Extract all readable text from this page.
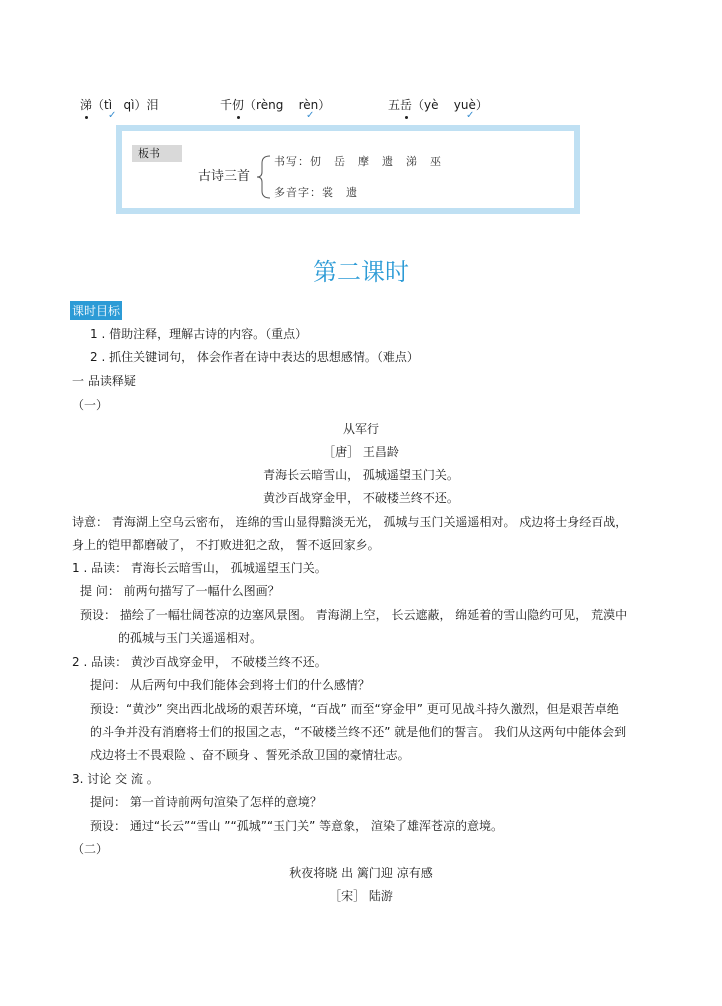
涕（tì qì）泪
✓
千仞（rèng rèn）
✓
五岳（yè yuè）
✓
板书
古诗三首
书写：仞　岳　摩　遗　涕　巫
多音字：裳　遗
第二课时
课时目标
1 . 借助注释，理解古诗的内容。（重点）
2 . 抓住关键词句， 体会作者在诗中表达的思想感情。（难点）
一 品读释疑
（一）
从军行
［唐］ 王昌龄
青海长云暗雪山， 孤城遥望玉门关。
黄沙百战穿金甲， 不破楼兰终不还。
诗意： 青海湖上空乌云密布， 连绵的雪山显得黯淡无光， 孤城与玉门关遥遥相对。 戍边将士身经百战，
身上的铠甲都磨破了， 不打败进犯之敌， 誓不返回家乡。
1 . 品读： 青海长云暗雪山， 孤城遥望玉门关。
提 问： 前两句描写了一幅什么图画？
预设： 描绘了一幅壮阔苍凉的边塞风景图。 青海湖上空， 长云遮蔽， 绵延着的雪山隐约可见， 荒漠中
的孤城与玉门关遥遥相对。
2 . 品读： 黄沙百战穿金甲， 不破楼兰终不还。
提问： 从后两句中我们能体会到将士们的什么感情？
预设：“黄沙” 突出西北战场的艰苦环境，“百战” 而至“穿金甲” 更可见战斗持久激烈，但是艰苦卓绝
的斗争并没有消磨将士们的报国之志，“不破楼兰终不还” 就是他们的誓言。 我们从这两句中能体会到
戍边将士不畏艰险 、奋不顾身 、誓死杀敌卫国的豪情壮志。
3. 讨论 交 流 。
提问： 第一首诗前两句渲染了怎样的意境？
预设： 通过“长云”“雪山 ”“孤城”“玉门关” 等意象， 渲染了雄浑苍凉的意境。
（二）
秋夜将晓 出 篱门迎 凉有感
［宋］ 陆游
